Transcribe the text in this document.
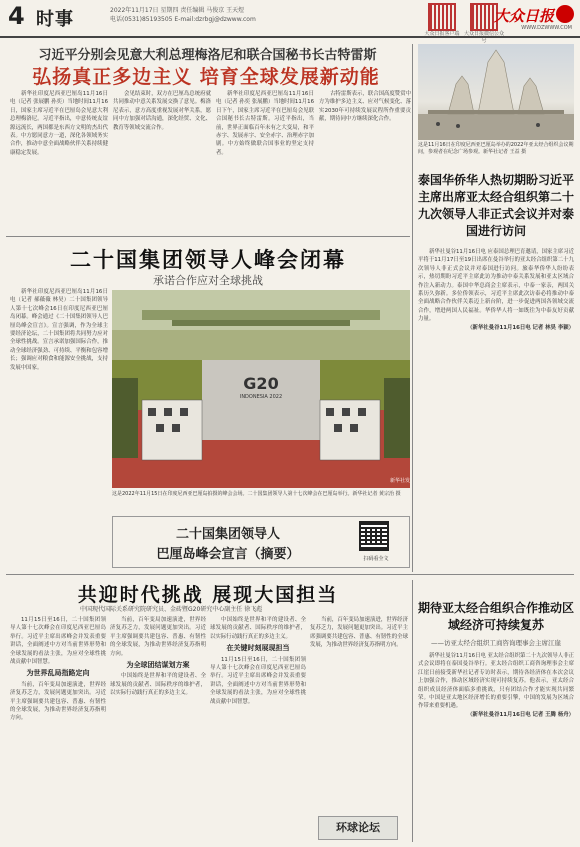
4 时事	2022年11月17日 星期四 责任编辑 马俊京 王天煜
电话(0531)85193505 E-mail:dzrbgj@dzwww.com
大众日报客户端 大众日报微信公众号
大众日报
WWW.DZWWW.COM
习近平分别会见意大利总理梅洛尼和联合国秘书长古特雷斯
弘扬真正多边主义 培育全球发展新动能

新华社印度尼西亚巴厘岛11月16日电（记者 张展鹏 孙奕）当地时间11月16日，国家主席习近平在巴厘岛会见意大利总理梅洛尼。习近平指出，中意传统友谊源远流长，两国都是东西方文明的杰出代表。中方愿同意方一道，深化各领域务实合作，推动中意全面战略伙伴关系持续健康稳定发展。

会见结束时，双方在巴厘岛总统府就共同推动中意关系发展交换了意见。梅洛尼表示，意方高度重视发展对华关系，愿同中方加强对话沟通，深化经贸、文化、教育等领域交流合作。

新华社印度尼西亚巴厘岛11月16日电（记者 孙奕 张展鹏）当地时间11月16日下午，国家主席习近平在巴厘岛会见联合国秘书长古特雷斯。习近平指出，当前，世界正面临百年未有之大变局，和平赤字、发展赤字、安全赤字、治理赤字加剧。中方始终做联合国事业的坚定支持者。

古特雷斯表示，联合国高度赞赏中方为维护多边主义、应对气候变化、落实2030年可持续发展议程所作重要贡献，期待同中方继续深化合作。

这是11月16日在印度尼西亚巴厘岛举办的2022年亚太经合组织会议期间，参观者在纪念广场参观。新华社记者 王益 摄
泰国华侨华人热切期盼习近平主席出席亚太经合组织第二十九次领导人非正式会议并对泰国进行访问

新华社曼谷11月16日电 应泰国总理巴育邀请，国家主席习近平将于11月17日至19日出席在曼谷举行的亚太经合组织第二十九次领导人非正式会议并对泰国进行访问。旅泰华侨华人纷纷表示，热切期盼习近平主席此访为推动中泰关系发展和亚太区域合作注入新动力。泰国中华总商会主席表示，中泰一家亲，两国关系历久弥新。多位侨领表示，习近平主席此次访泰必将推动中泰全面战略合作伙伴关系迈上新台阶，进一步促进两国各领域交流合作，增进两国人民福祉。华侨华人将一如既往为中泰友好贡献力量。

（新华社曼谷11月16日电 记者 林昊 李颖）

二十国集团领导人峰会闭幕
承诺合作应对全球挑战

新华社印度尼西亚巴厘岛11月16日电（记者 郝薇薇 林昊）二十国集团领导人第十七次峰会16日在印度尼西亚巴厘岛闭幕。峰会通过《二十国集团领导人巴厘岛峰会宣言》。宣言强调，作为全球主要经济论坛，二十国集团将共同努力应对全球性挑战。宣言承诺加强国际合作，推动全球经济强劲、可持续、平衡和包容增长；强调应对粮食和能源安全挑战，支持发展中国家。

G20
INDONESIA 2022
新华社发
这是2022年11月15日在印度尼西亚巴厘岛拍摄的峰会会场。二十国集团领导人第十七次峰会在巴厘岛举行。新华社记者 黄宗治 摄
二十国集团领导人
巴厘岛峰会宣言（摘要）	扫码看全文
共迎时代挑战 展现大国担当
中国现代国际关系研究院研究员、金砖暨G20研究中心副主任 徐飞彪

11月15日至16日，二十国集团领导人第十七次峰会在印度尼西亚巴厘岛举行。习近平主席出席峰会并发表重要讲话，全面阐述中方对当前世界形势和全球发展的看法主张，为应对全球性挑战贡献中国智慧。

为世界乱局指路定向

当前，百年变局加速演进，世界经济复苏乏力，发展问题更加突出。习近平主席强调要共建包容、普惠、有韧性的全球发展，为推动世界经济复苏指明方向。

当前，百年变局加速演进，世界经济复苏乏力，发展问题更加突出。习近平主席强调要共建包容、普惠、有韧性的全球发展，为推动世界经济复苏指明方向。

为全球团结谋划方案

中国始终是世界和平的建设者、全球发展的贡献者、国际秩序的维护者，以实际行动践行真正的多边主义。

中国始终是世界和平的建设者、全球发展的贡献者、国际秩序的维护者，以实际行动践行真正的多边主义。

在关键时刻展现担当

11月15日至16日，二十国集团领导人第十七次峰会在印度尼西亚巴厘岛举行。习近平主席出席峰会并发表重要讲话，全面阐述中方对当前世界形势和全球发展的看法主张，为应对全球性挑战贡献中国智慧。

当前，百年变局加速演进，世界经济复苏乏力，发展问题更加突出。习近平主席强调要共建包容、普惠、有韧性的全球发展，为推动世界经济复苏指明方向。

环球论坛
期待亚太经合组织合作推动区域经济可持续复苏
——访亚太经合组织工商咨询理事会主席江崖

新华社曼谷11月16日电 亚太经合组织第二十九次领导人非正式会议即将在泰国曼谷举行。亚太经合组织工商咨询理事会主席江崖日前接受新华社记者专访时表示，期待各经济体在本次会议上加强合作，推动区域经济实现可持续复苏。他表示，亚太经合组织成员经济体面临多重挑战，只有团结合作才能实现共同繁荣。中国是亚太地区经济增长的重要引擎，中国的发展为区域合作带来重要机遇。

（新华社曼谷11月16日电 记者 王腾 杨舟）
